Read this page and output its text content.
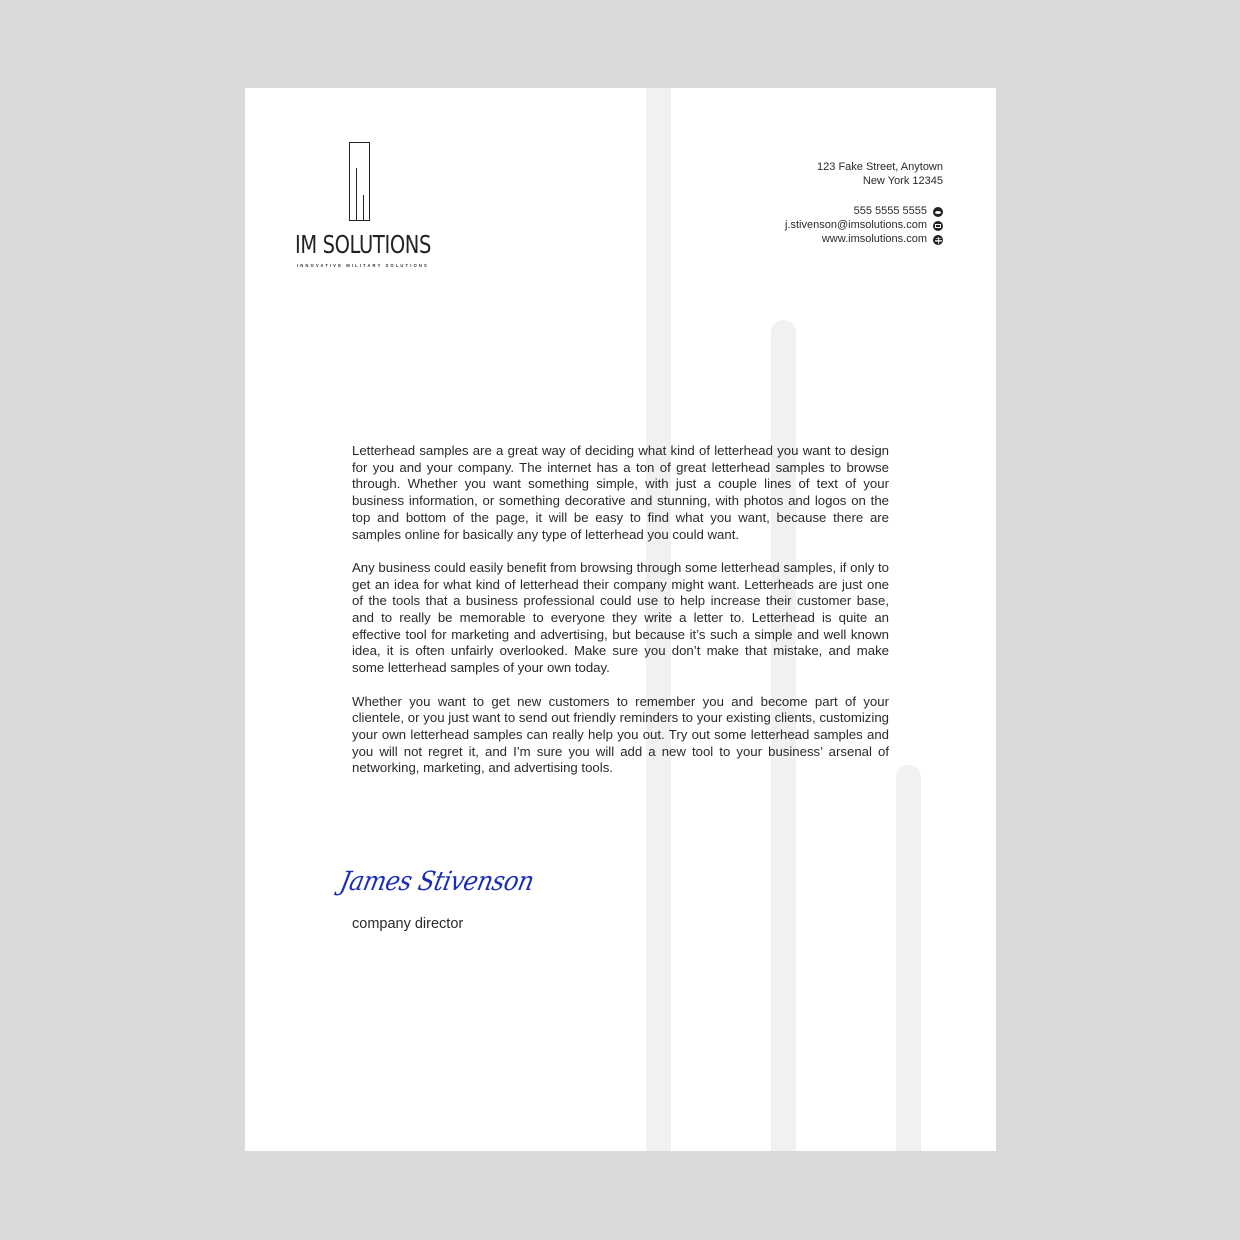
IM SOLUTIONS
INNOVATIVE MILITARY SOLUTIONS
123 Fake Street, Anytown
New York 12345
555 5555 5555
j.stivenson@imsolutions.com
www.imsolutions.com

Letterhead samples are a great way of deciding what kind of letterhead you want to design for you and your company. The internet has a ton of great letterhead samples to browse through. Whether you want something simple, with just a couple lines of text of your business information, or something decorative and stunning, with photos and logos on the top and bottom of the page, it will be easy to find what you want, because there are samples online for basically any type of letterhead you could want.

Any business could easily benefit from browsing through some letterhead samples, if only to get an idea for what kind of letterhead their company might want. Letterheads are just one of the tools that a business professional could use to help increase their customer base, and to really be memorable to everyone they write a letter to. Letterhead is quite an effective tool for marketing and advertising, but because it’s such a simple and well known idea, it is often unfairly overlooked. Make sure you don’t make that mistake, and make some letterhead samples of your own today.

Whether you want to get new customers to remember you and become part of your clientele, or you just want to send out friendly reminders to your existing clients, customizing your own letterhead samples can really help you out. Try out some letterhead samples and you will not regret it, and I’m sure you will add a new tool to your business’ arsenal of networking, marketing, and advertising tools.

James Stivenson
company director
